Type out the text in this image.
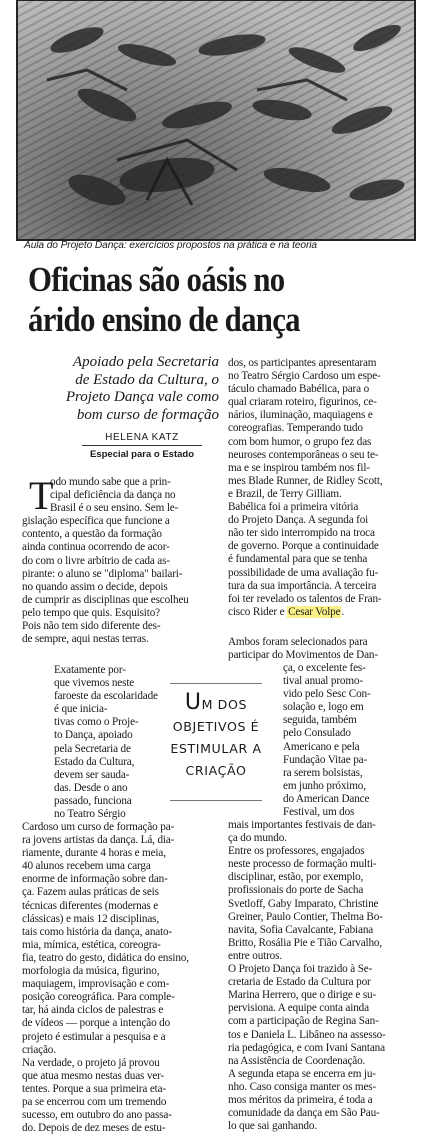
Aula do Projeto Dança: exercícios propostos na prática e na teoria
Oficinas são oásis no
árido ensino de dança
Apoiado pela Secretaria
de Estado da Cultura, o
Projeto Dança vale como
bom curso de formação
HELENA KATZ
Especial para o Estado
T
odo mundo sabe que a prin-
cipal deficiência da dança no
Brasil é o seu ensino. Sem le-
gislação específica que funcione a
contento, a questão da formação
ainda continua ocorrendo de acor-
do com o livre arbítrio de cada as-
pirante: o aluno se "diploma" bailari-
no quando assim o decide, depois
de cumprir as disciplinas que escolheu
pelo tempo que quis. Esquisito?
Pois não tem sido diferente des-
de sempre, aqui nestas terras.
Exatamente por-
que vivemos neste
faroeste da escolaridade
é que inicia-
tivas como o Proje-
to Dança, apoiado
pela Secretaria de
Estado da Cultura,
devem ser sauda-
das. Desde o ano
passado, funciona
no Teatro Sérgio
UM DOS
OBJETIVOS É
ESTIMULAR A
CRIAÇÃO
Cardoso um curso de formação pa-
ra jovens artistas da dança. Lá, dia-
riamente, durante 4 horas e meia,
40 alunos recebem uma carga
enorme de informação sobre dan-
ça. Fazem aulas práticas de seis
técnicas diferentes (modernas e
clássicas) e mais 12 disciplinas,
tais como história da dança, anato-
mia, mímica, estética, coreogra-
fia, teatro do gesto, didática do ensino,
morfologia da música, figurino,
maquiagem, improvisação e com-
posição coreográfica. Para comple-
tar, há ainda ciclos de palestras e
de vídeos — porque a intenção do
projeto é estimular a pesquisa e a
criação.
Na verdade, o projeto já provou
que atua mesmo nestas duas ver-
tentes. Porque a sua primeira eta-
pa se encerrou com um tremendo
sucesso, em outubro do ano passa-
do. Depois de dez meses de estu-
dos, os participantes apresentaram
no Teatro Sérgio Cardoso um espe-
táculo chamado Babélica, para o
qual criaram roteiro, figurinos, ce-
nários, iluminação, maquiagens e
coreografias. Temperando tudo
com bom humor, o grupo fez das
neuroses contemporâneas o seu te-
ma e se inspirou também nos fil-
mes Blade Runner, de Ridley Scott,
e Brazil, de Terry Gilliam.
Babélica foi a primeira vitória
do Projeto Dança. A segunda foi
não ter sido interrompido na troca
de governo. Porque a continuidade
é fundamental para que se tenha
possibilidade de uma avaliação fu-
tura da sua importância. A terceira
foi ter revelado os talentos de Fran-
cisco Rider e Cesar Volpe.
Ambos foram selecionados para
participar do Movimentos de Dan-
ça, o excelente fes-
tival anual promo-
vido pelo Sesc Con-
solação e, logo em
seguida, também
pelo Consulado
Americano e pela
Fundação Vitae pa-
ra serem bolsistas,
em junho próximo,
do American Dance
Festival, um dos
mais importantes festivais de dan-
ça do mundo.
Entre os professores, engajados
neste processo de formação multi-
disciplinar, estão, por exemplo,
profissionais do porte de Sacha
Svetloff, Gaby Imparato, Christine
Greiner, Paulo Contier, Thelma Bo-
navita, Sofia Cavalcante, Fabiana
Britto, Rosália Pie e Tião Carvalho,
entre outros.
O Projeto Dança foi trazido à Se-
cretaria de Estado da Cultura por
Marina Herrero, que o dirige e su-
pervisiona. A equipe conta ainda
com a participação de Regina San-
tos e Daniela L. Libâneo na assesso-
ria pedagógica, e com Ivani Santana
na Assistência de Coordenação.
A segunda etapa se encerra em ju-
nho. Caso consiga manter os mes-
mos méritos da primeira, é toda a
comunidade da dança em São Pau-
lo que sai ganhando.
